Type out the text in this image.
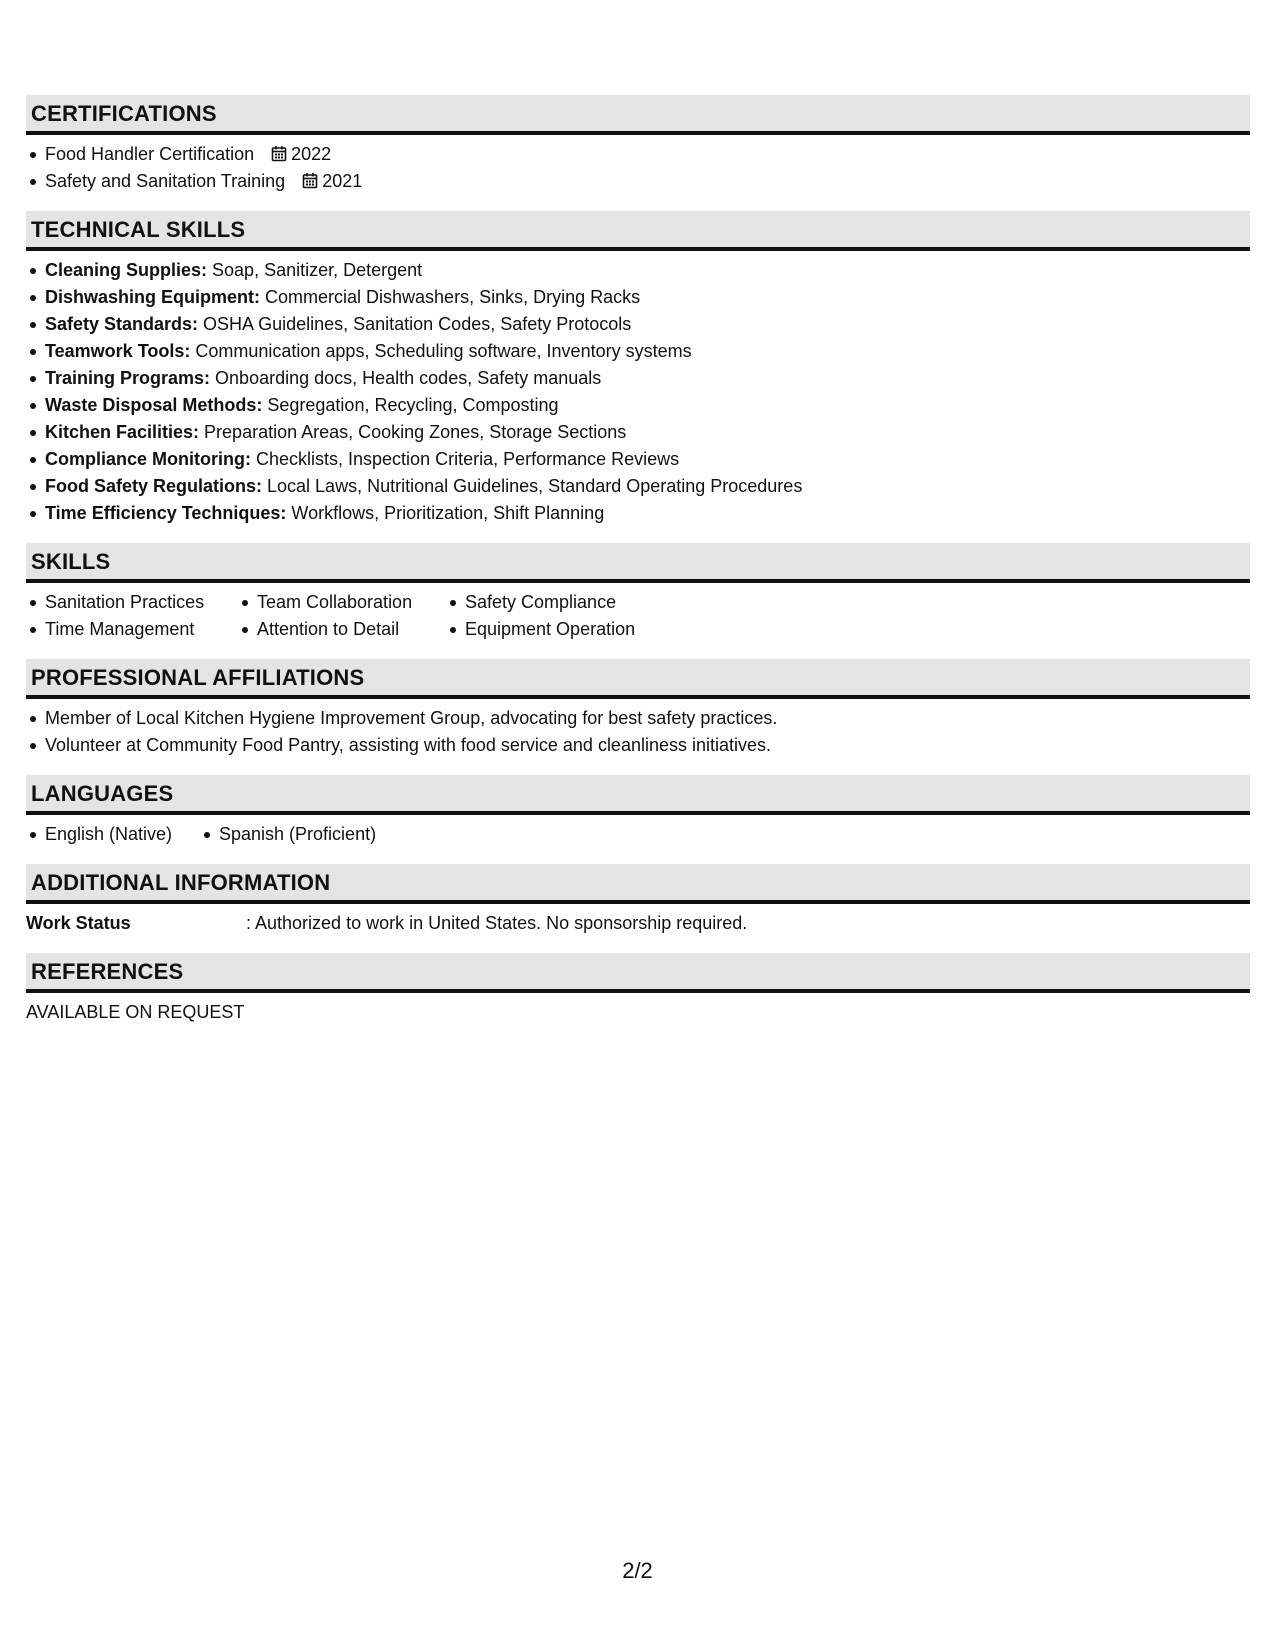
CERTIFICATIONS
Food Handler Certification 2022
Safety and Sanitation Training 2021
TECHNICAL SKILLS
Cleaning Supplies: Soap, Sanitizer, Detergent
Dishwashing Equipment: Commercial Dishwashers, Sinks, Drying Racks
Safety Standards: OSHA Guidelines, Sanitation Codes, Safety Protocols
Teamwork Tools: Communication apps, Scheduling software, Inventory systems
Training Programs: Onboarding docs, Health codes, Safety manuals
Waste Disposal Methods: Segregation, Recycling, Composting
Kitchen Facilities: Preparation Areas, Cooking Zones, Storage Sections
Compliance Monitoring: Checklists, Inspection Criteria, Performance Reviews
Food Safety Regulations: Local Laws, Nutritional Guidelines, Standard Operating Procedures
Time Efficiency Techniques: Workflows, Prioritization, Shift Planning
SKILLS
Sanitation Practices	Team Collaboration	Safety Compliance
Time Management	Attention to Detail	Equipment Operation
PROFESSIONAL AFFILIATIONS
Member of Local Kitchen Hygiene Improvement Group, advocating for best safety practices.
Volunteer at Community Food Pantry, assisting with food service and cleanliness initiatives.
LANGUAGES
English (Native)	Spanish (Proficient)
ADDITIONAL INFORMATION
Work Status	: Authorized to work in United States. No sponsorship required.
REFERENCES
AVAILABLE ON REQUEST
2/2
